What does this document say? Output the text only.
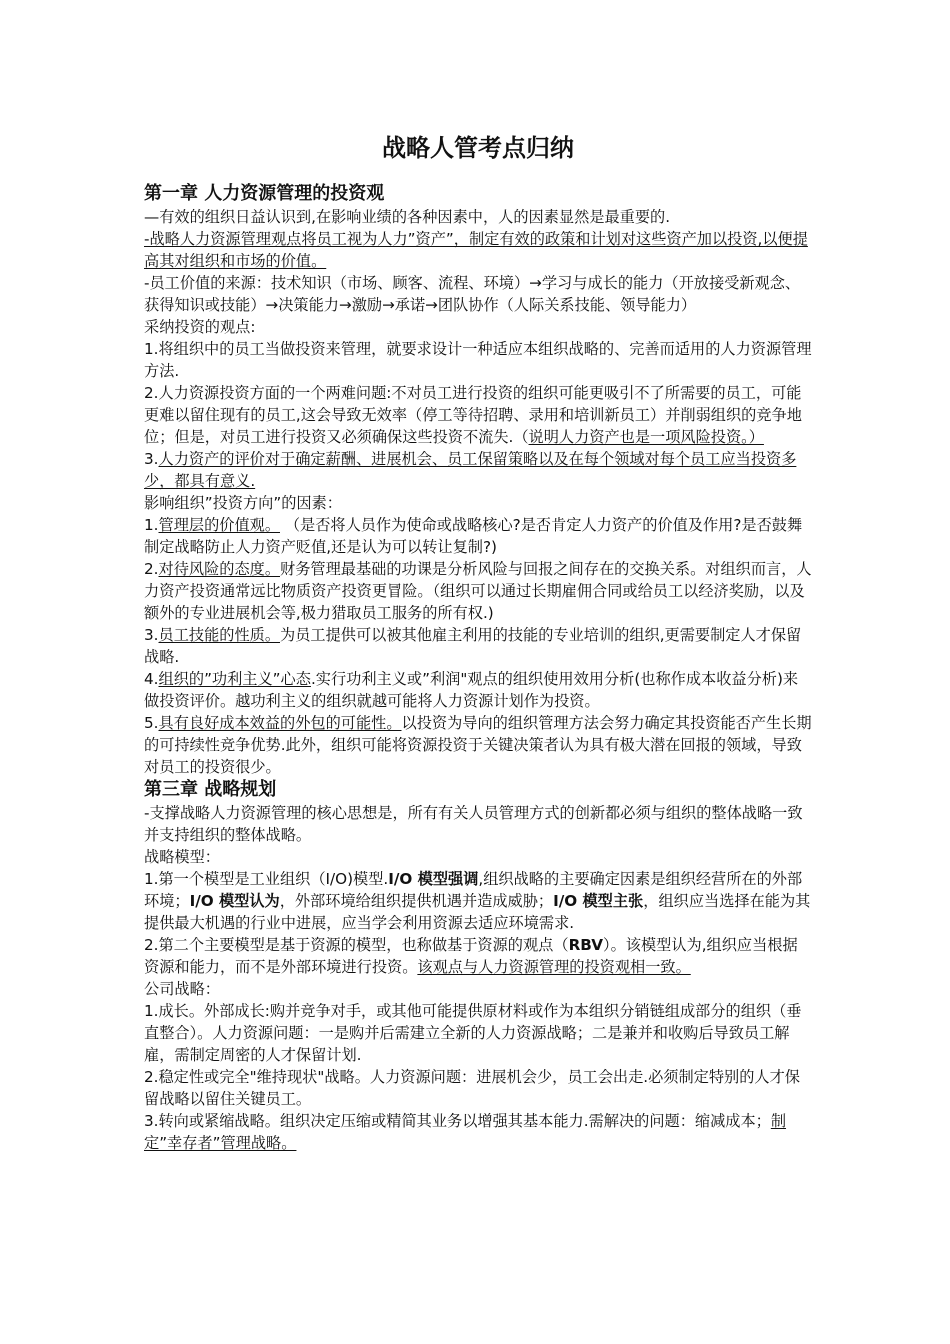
战略人管考点归纳
第一章 人力资源管理的投资观

—有效的组织日益认识到,在影响业绩的各种因素中，人的因素显然是最重要的.

-战略人力资源管理观点将员工视为人力”资产”，制定有效的政策和计划对这些资产加以投资,以便提高其对组织和市场的价值。

-员工价值的来源：技术知识（市场、顾客、流程、环境）→学习与成长的能力（开放接受新观念、获得知识或技能）→决策能力→激励→承诺→团队协作（人际关系技能、领导能力）

采纳投资的观点:

1.将组织中的员工当做投资来管理，就要求设计一种适应本组织战略的、完善而适用的人力资源管理方法.

2.人力资源投资方面的一个两难问题:不对员工进行投资的组织可能更吸引不了所需要的员工，可能更难以留住现有的员工,这会导致无效率（停工等待招聘、录用和培训新员工）并削弱组织的竞争地位；但是，对员工进行投资又必须确保这些投资不流失.（说明人力资产也是一项风险投资。）

3.人力资产的评价对于确定薪酬、进展机会、员工保留策略以及在每个领域对每个员工应当投资多少，都具有意义.

影响组织”投资方向”的因素：

1.管理层的价值观。 （是否将人员作为使命或战略核心?是否肯定人力资产的价值及作用?是否鼓舞制定战略防止人力资产贬值,还是认为可以转让复制?)

2.对待风险的态度。财务管理最基础的功课是分析风险与回报之间存在的交换关系。对组织而言，人力资产投资通常远比物质资产投资更冒险。（组织可以通过长期雇佣合同或给员工以经济奖励，以及额外的专业进展机会等,极力猎取员工服务的所有权.)

3.员工技能的性质。为员工提供可以被其他雇主利用的技能的专业培训的组织,更需要制定人才保留战略.

4.组织的”功利主义”心态.实行功利主义或”利润"观点的组织使用效用分析(也称作成本收益分析)来做投资评价。越功利主义的组织就越可能将人力资源计划作为投资。

5.具有良好成本效益的外包的可能性。以投资为导向的组织管理方法会努力确定其投资能否产生长期的可持续性竞争优势.此外，组织可能将资源投资于关键决策者认为具有极大潜在回报的领域，导致对员工的投资很少。

第三章 战略规划

-支撑战略人力资源管理的核心思想是，所有有关人员管理方式的创新都必须与组织的整体战略一致并支持组织的整体战略。

战略模型：

1.第一个模型是工业组织（I/O)模型.I/O 模型强调,组织战略的主要确定因素是组织经营所在的外部环境；I/O 模型认为，外部环境给组织提供机遇并造成威胁；I/O 模型主张，组织应当选择在能为其提供最大机遇的行业中进展，应当学会利用资源去适应环境需求.

2.第二个主要模型是基于资源的模型，也称做基于资源的观点（RBV）。该模型认为,组织应当根据资源和能力，而不是外部环境进行投资。该观点与人力资源管理的投资观相一致。

公司战略：

1.成长。外部成长:购并竞争对手，或其他可能提供原材料或作为本组织分销链组成部分的组织（垂直整合）。人力资源问题：一是购并后需建立全新的人力资源战略；二是兼并和收购后导致员工解雇，需制定周密的人才保留计划.

2.稳定性或完全"维持现状"战略。人力资源问题：进展机会少，员工会出走.必须制定特别的人才保留战略以留住关键员工。

3.转向或紧缩战略。组织决定压缩或精简其业务以增强其基本能力.需解决的问题：缩减成本；制定”幸存者”管理战略。
